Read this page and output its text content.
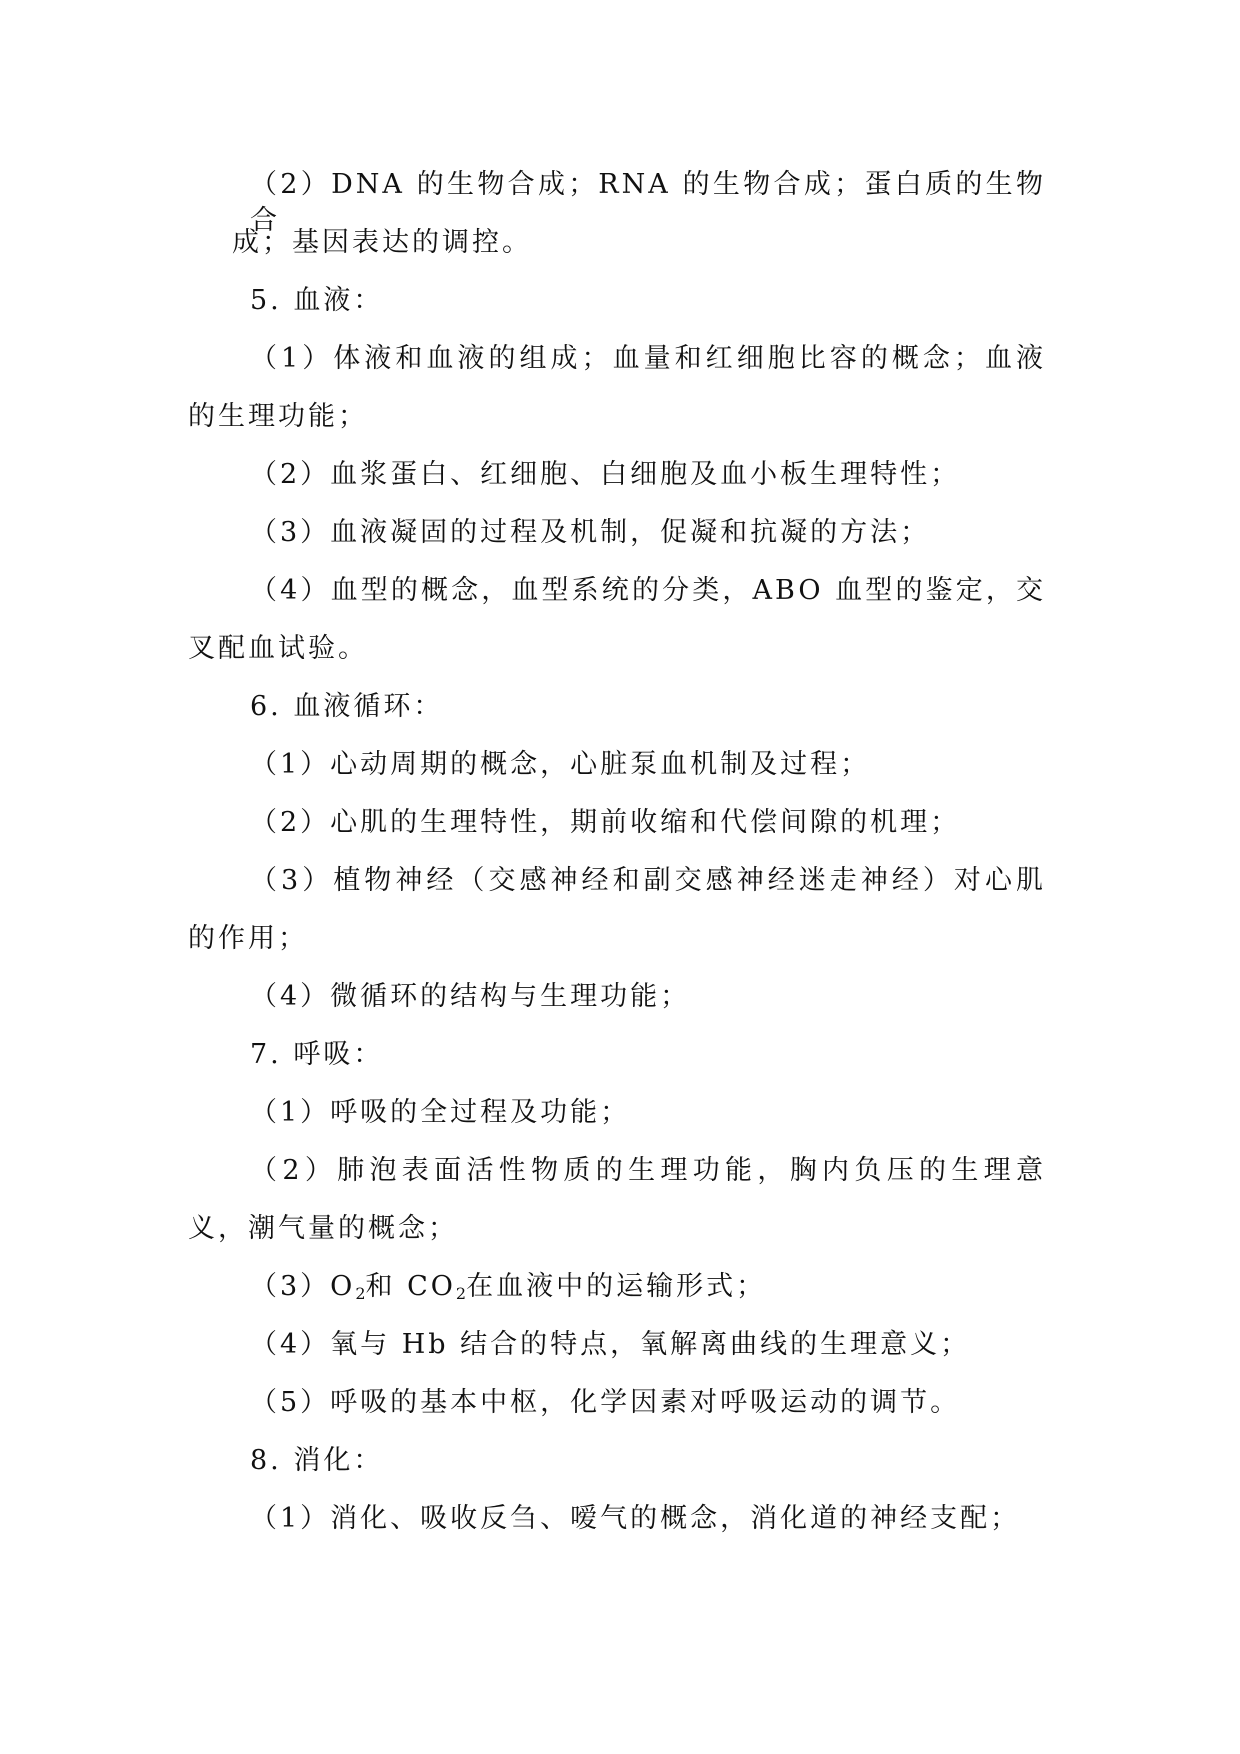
（2）DNA 的生物合成；RNA 的生物合成；蛋白质的生物合
成；基因表达的调控。
5. 血液：
（1）体液和血液的组成；血量和红细胞比容的概念；血液
的生理功能；
（2）血浆蛋白、红细胞、白细胞及血小板生理特性；
（3）血液凝固的过程及机制，促凝和抗凝的方法；
（4）血型的概念，血型系统的分类，ABO 血型的鉴定，交
叉配血试验。
6. 血液循环：
（1）心动周期的概念，心脏泵血机制及过程；
（2）心肌的生理特性，期前收缩和代偿间隙的机理；
（3）植物神经（交感神经和副交感神经迷走神经）对心肌
的作用；
（4）微循环的结构与生理功能；
7. 呼吸：
（1）呼吸的全过程及功能；
（2）肺泡表面活性物质的生理功能，胸内负压的生理意
义，潮气量的概念；
$(3)O_2$和 $CO_2$在血液中的运输形式；
（4）氧与 Hb 结合的特点，氧解离曲线的生理意义；
（5）呼吸的基本中枢，化学因素对呼吸运动的调节。
8. 消化：
（1）消化、吸收反刍、嗳气的概念，消化道的神经支配；
